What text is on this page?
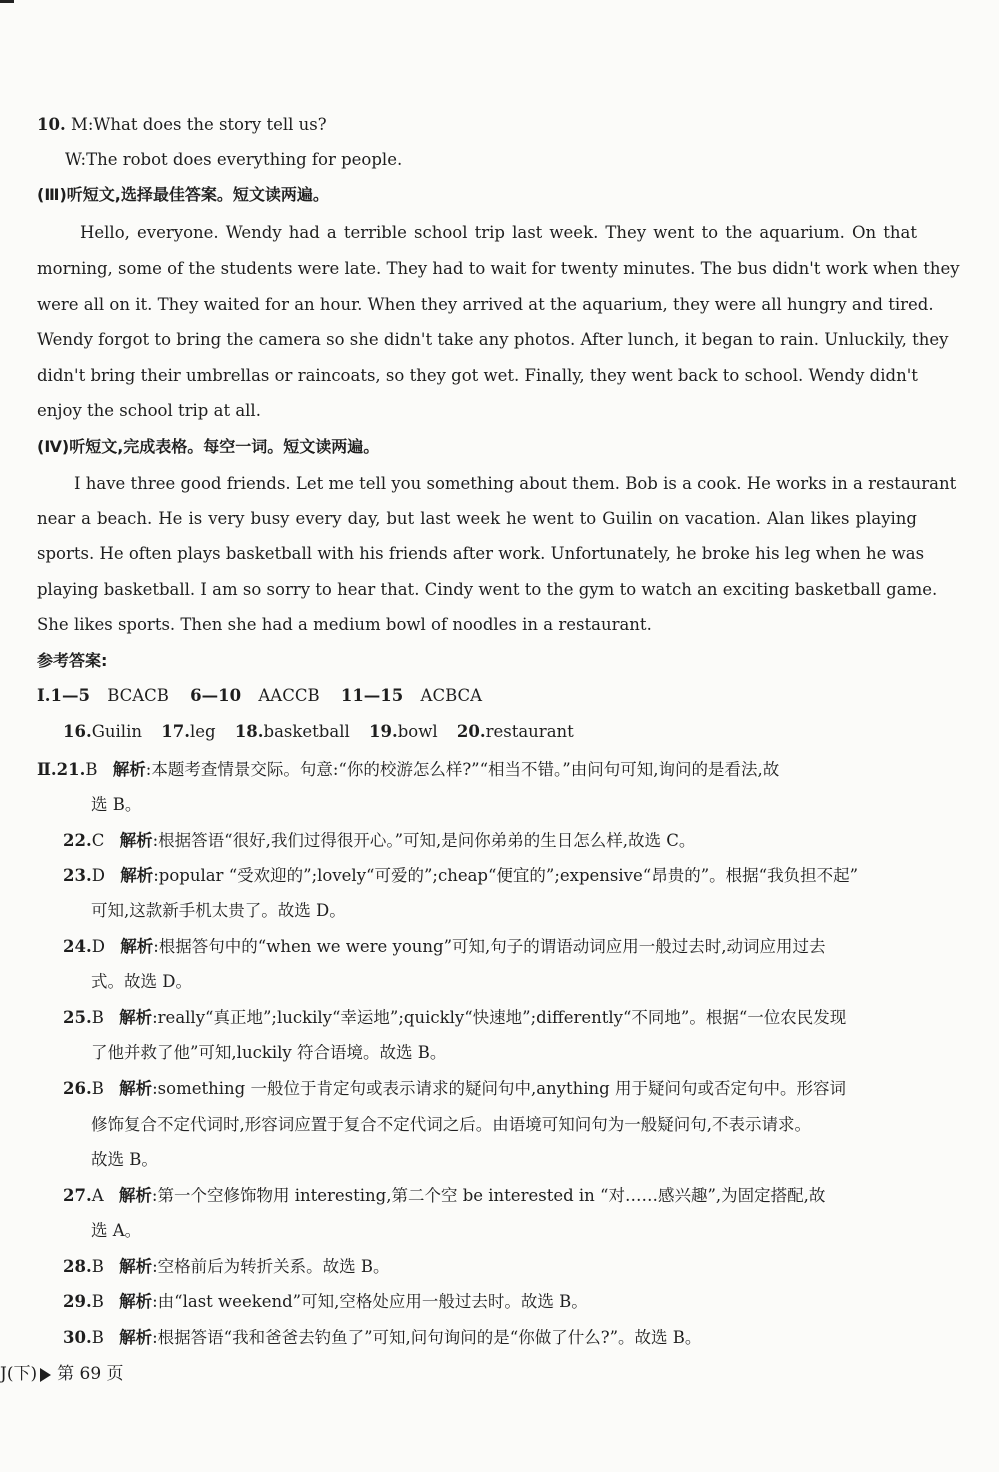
10. M:What does the story tell us?
W:The robot does everything for people.
(Ⅲ)听短文,选择最佳答案。短文读两遍。
Hello, everyone. Wendy had a terrible school trip last week. They went to the aquarium. On that
morning, some of the students were late. They had to wait for twenty minutes. The bus didn't work when they
were all on it. They waited for an hour. When they arrived at the aquarium, they were all hungry and tired.
Wendy forgot to bring the camera so she didn't take any photos. After lunch, it began to rain. Unluckily, they
didn't bring their umbrellas or raincoats, so they got wet. Finally, they went back to school. Wendy didn't
enjoy the school trip at all.
(Ⅳ)听短文,完成表格。每空一词。短文读两遍。
I have three good friends. Let me tell you something about them. Bob is a cook. He works in a restaurant
near a beach. He is very busy every day, but last week he went to Guilin on vacation. Alan likes playing
sports. He often plays basketball with his friends after work. Unfortunately, he broke his leg when he was
playing basketball. I am so sorry to hear that. Cindy went to the gym to watch an exciting basketball game.
She likes sports. Then she had a medium bowl of noodles in a restaurant.
参考答案:
Ⅰ.1—5 BCACB 6—10 AACCB 11—15 ACBCA
16.Guilin 17.leg 18.basketball 19.bowl 20.restaurant
Ⅱ.21.B 解析:本题考查情景交际。句意:“你的校游怎么样?”“相当不错。”由问句可知,询问的是看法,故
选 B。
22.C 解析:根据答语“很好,我们过得很开心。”可知,是问你弟弟的生日怎么样,故选 C。
23.D 解析:popular “受欢迎的”;lovely“可爱的”;cheap“便宜的”;expensive“昂贵的”。根据“我负担不起”
可知,这款新手机太贵了。故选 D。
24.D 解析:根据答句中的“when we were young”可知,句子的谓语动词应用一般过去时,动词应用过去
式。故选 D。
25.B 解析:really“真正地”;luckily“幸运地”;quickly“快速地”;differently“不同地”。根据“一位农民发现
了他并救了他”可知,luckily 符合语境。故选 B。
26.B 解析:something 一般位于肯定句或表示请求的疑问句中,anything 用于疑问句或否定句中。形容词
修饰复合不定代词时,形容词应置于复合不定代词之后。由语境可知问句为一般疑问句,不表示请求。
故选 B。
27.A 解析:第一个空修饰物用 interesting,第二个空 be interested in “对……感兴趣”,为固定搭配,故
选 A。
28.B 解析:空格前后为转折关系。故选 B。
29.B 解析:由“last weekend”可知,空格处应用一般过去时。故选 B。
30.B 解析:根据答语“我和爸爸去钓鱼了”可知,问句询问的是“你做了什么?”。故选 B。
J(下) 第 69 页
